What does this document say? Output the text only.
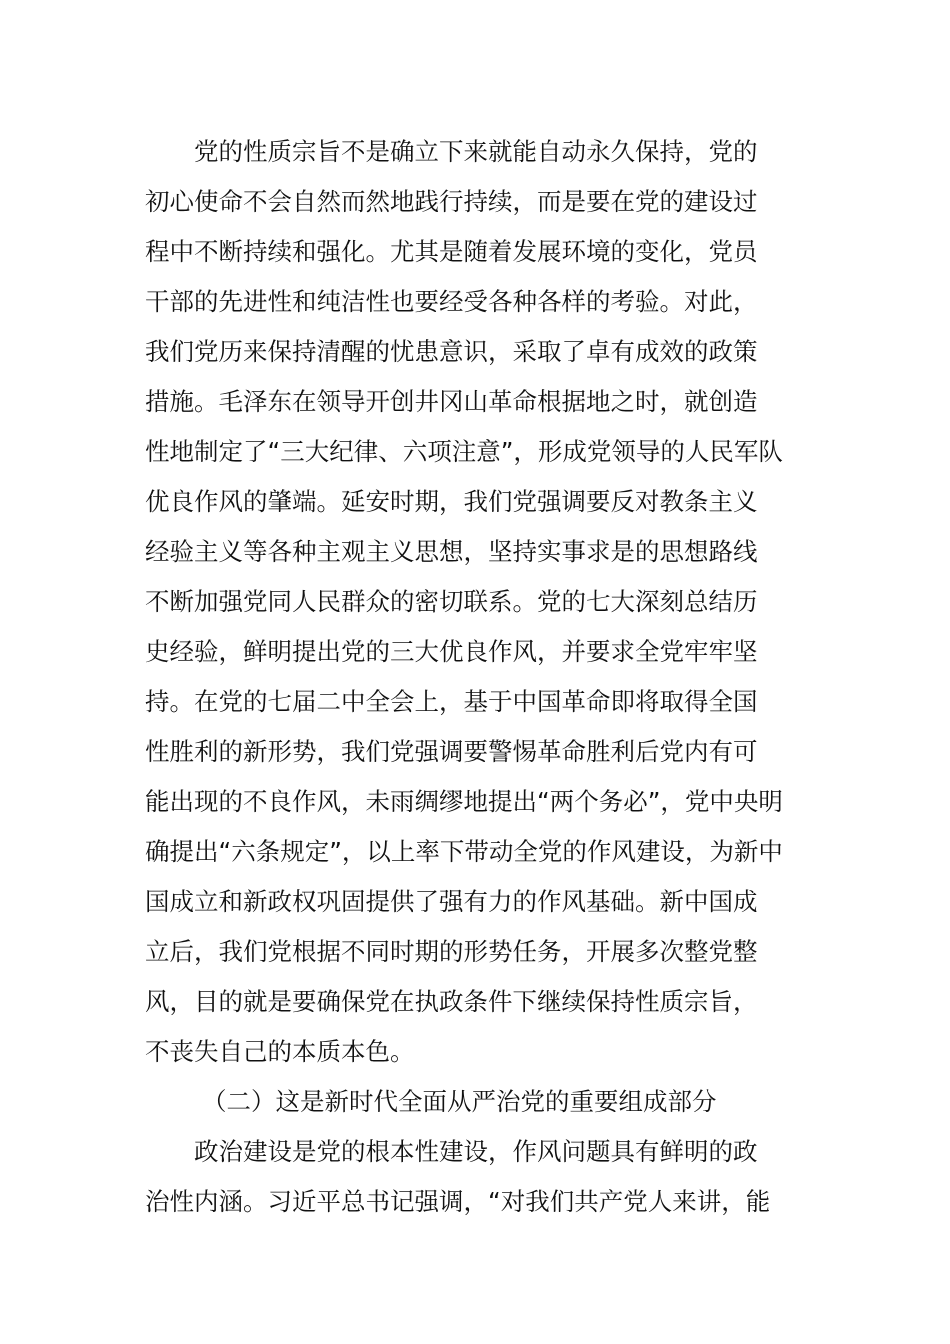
党的性质宗旨不是确立下来就能自动永久保持，党的
初心使命不会自然而然地践行持续，而是要在党的建设过
程中不断持续和强化。尤其是随着发展环境的变化，党员
干部的先进性和纯洁性也要经受各种各样的考验。对此，
我们党历来保持清醒的忧患意识，采取了卓有成效的政策
措施。毛泽东在领导开创井冈山革命根据地之时，就创造
性地制定了“三大纪律、六项注意”，形成党领导的人民军队
优良作风的肇端。延安时期，我们党强调要反对教条主义
经验主义等各种主观主义思想，坚持实事求是的思想路线
不断加强党同人民群众的密切联系。党的七大深刻总结历
史经验，鲜明提出党的三大优良作风，并要求全党牢牢坚
持。在党的七届二中全会上，基于中国革命即将取得全国
性胜利的新形势，我们党强调要警惕革命胜利后党内有可
能出现的不良作风，未雨绸缪地提出“两个务必”，党中央明
确提出“六条规定”，以上率下带动全党的作风建设，为新中
国成立和新政权巩固提供了强有力的作风基础。新中国成
立后，我们党根据不同时期的形势任务，开展多次整党整
风，目的就是要确保党在执政条件下继续保持性质宗旨，
不丧失自己的本质本色。
（二）这是新时代全面从严治党的重要组成部分
政治建设是党的根本性建设，作风问题具有鲜明的政
治性内涵。习近平总书记强调，“对我们共产党人来讲，能
